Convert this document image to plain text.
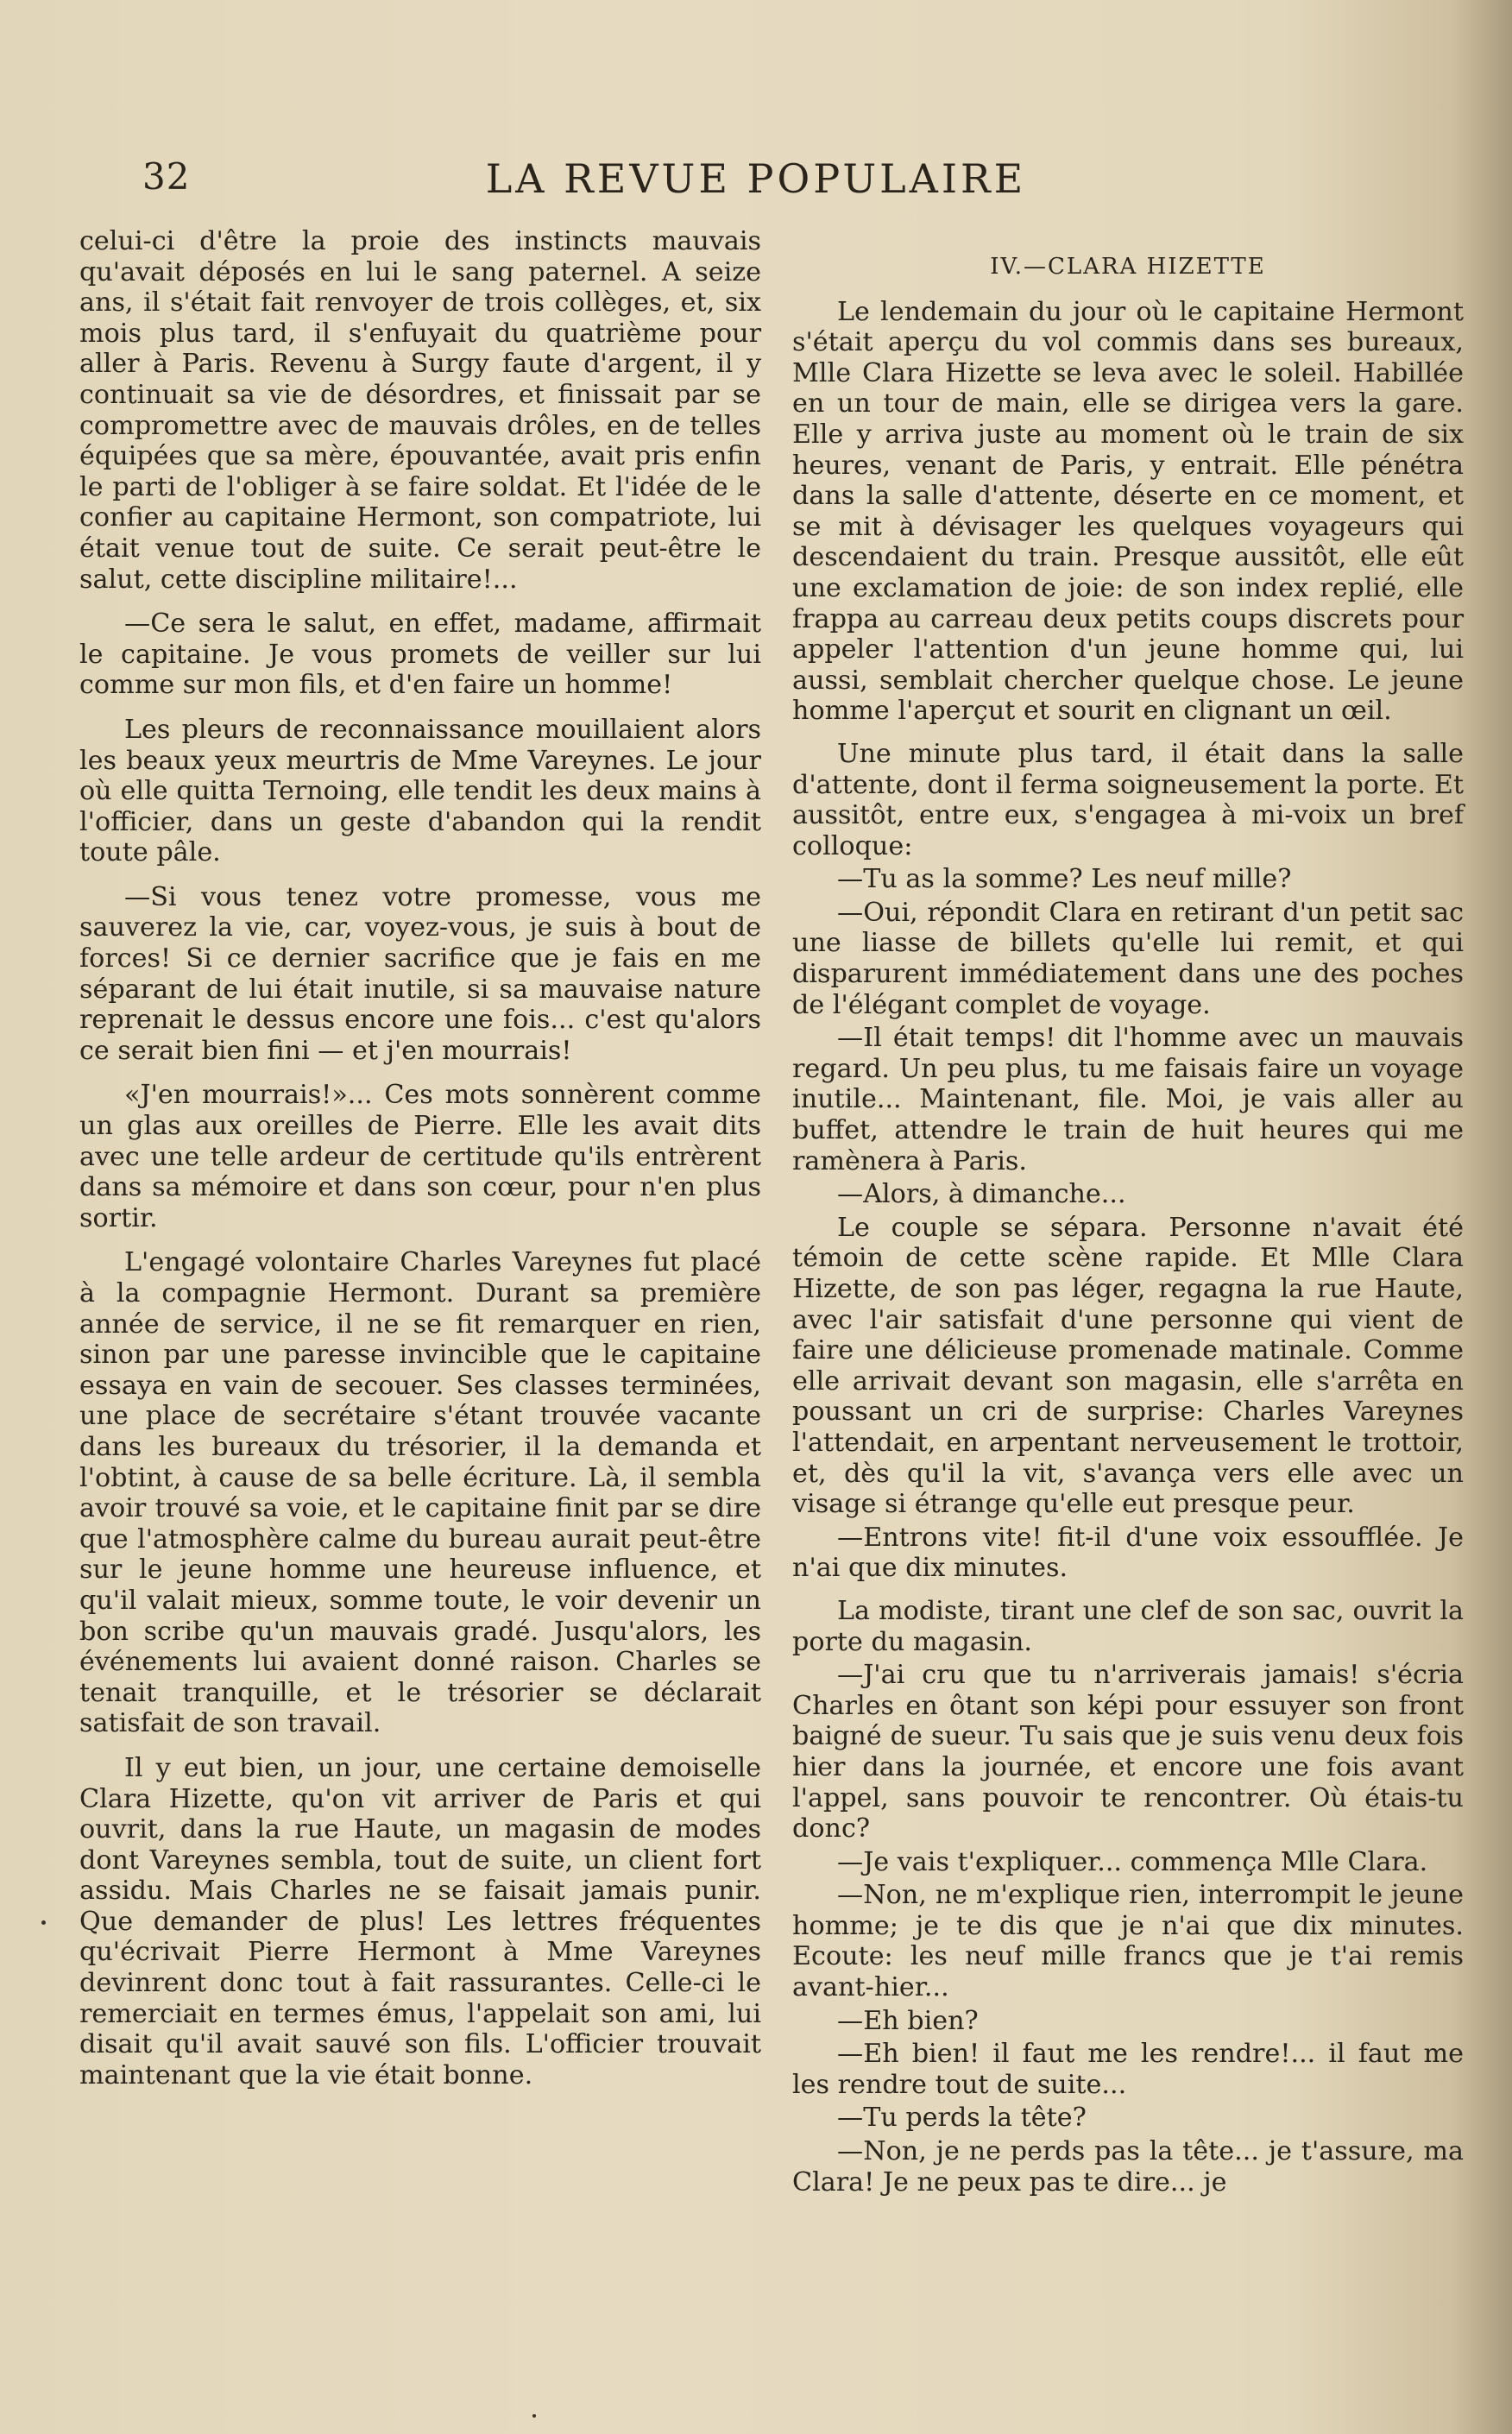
32	LA REVUE POPULAIRE

celui-ci d'être la proie des instincts mauvais qu'avait déposés en lui le sang paternel. A seize ans, il s'était fait renvoyer de trois collèges, et, six mois plus tard, il s'enfuyait du quatrième pour aller à Paris. Revenu à Surgy faute d'argent, il y continuait sa vie de désordres, et finissait par se compromettre avec de mauvais drôles, en de telles équipées que sa mère, épouvantée, avait pris enfin le parti de l'obliger à se faire soldat. Et l'idée de le confier au capitaine Hermont, son compatriote, lui était venue tout de suite. Ce serait peut-être le salut, cette discipline militaire!...

—Ce sera le salut, en effet, madame, affirmait le capitaine. Je vous promets de veiller sur lui comme sur mon fils, et d'en faire un homme!

Les pleurs de reconnaissance mouillaient alors les beaux yeux meurtris de Mme Vareynes. Le jour où elle quitta Ternoing, elle tendit les deux mains à l'officier, dans un geste d'abandon qui la rendit toute pâle.

—Si vous tenez votre promesse, vous me sauverez la vie, car, voyez-vous, je suis à bout de forces! Si ce dernier sacrifice que je fais en me séparant de lui était inutile, si sa mauvaise nature reprenait le dessus encore une fois... c'est qu'alors ce serait bien fini — et j'en mourrais!

«J'en mourrais!»... Ces mots sonnèrent comme un glas aux oreilles de Pierre. Elle les avait dits avec une telle ardeur de certitude qu'ils entrèrent dans sa mémoire et dans son cœur, pour n'en plus sortir.

L'engagé volontaire Charles Vareynes fut placé à la compagnie Hermont. Durant sa première année de service, il ne se fit remarquer en rien, sinon par une paresse invincible que le capitaine essaya en vain de secouer. Ses classes terminées, une place de secrétaire s'étant trouvée vacante dans les bureaux du trésorier, il la demanda et l'obtint, à cause de sa belle écriture. Là, il sembla avoir trouvé sa voie, et le capitaine finit par se dire que l'atmosphère calme du bureau aurait peut-être sur le jeune homme une heureuse influence, et qu'il valait mieux, somme toute, le voir devenir un bon scribe qu'un mauvais gradé. Jusqu'alors, les événements lui avaient donné raison. Charles se tenait tranquille, et le trésorier se déclarait satisfait de son travail.

Il y eut bien, un jour, une certaine demoiselle Clara Hizette, qu'on vit arriver de Paris et qui ouvrit, dans la rue Haute, un magasin de modes dont Vareynes sembla, tout de suite, un client fort assidu. Mais Charles ne se faisait jamais punir. Que demander de plus! Les lettres fréquentes qu'écrivait Pierre Hermont à Mme Vareynes devinrent donc tout à fait rassurantes. Celle-ci le remerciait en termes émus, l'appelait son ami, lui disait qu'il avait sauvé son fils. L'officier trouvait maintenant que la vie était bonne.

IV.—CLARA HIZETTE

Le lendemain du jour où le capitaine Hermont s'était aperçu du vol commis dans ses bureaux, Mlle Clara Hizette se leva avec le soleil. Habillée en un tour de main, elle se dirigea vers la gare. Elle y arriva juste au moment où le train de six heures, venant de Paris, y entrait. Elle pénétra dans la salle d'attente, déserte en ce moment, et se mit à dévisager les quelques voyageurs qui descendaient du train. Presque aussitôt, elle eût une exclamation de joie: de son index replié, elle frappa au carreau deux petits coups discrets pour appeler l'attention d'un jeune homme qui, lui aussi, semblait chercher quelque chose. Le jeune homme l'aperçut et sourit en clignant un œil.

Une minute plus tard, il était dans la salle d'attente, dont il ferma soigneusement la porte. Et aussitôt, entre eux, s'engagea à mi-voix un bref colloque:

—Tu as la somme? Les neuf mille?

—Oui, répondit Clara en retirant d'un petit sac une liasse de billets qu'elle lui remit, et qui disparurent immédiatement dans une des poches de l'élégant complet de voyage.

—Il était temps! dit l'homme avec un mauvais regard. Un peu plus, tu me faisais faire un voyage inutile... Maintenant, file. Moi, je vais aller au buffet, attendre le train de huit heures qui me ramènera à Paris.

—Alors, à dimanche...

Le couple se sépara. Personne n'avait été témoin de cette scène rapide. Et Mlle Clara Hizette, de son pas léger, regagna la rue Haute, avec l'air satisfait d'une personne qui vient de faire une délicieuse promenade matinale. Comme elle arrivait devant son magasin, elle s'arrêta en poussant un cri de surprise: Charles Vareynes l'attendait, en arpentant nerveusement le trottoir, et, dès qu'il la vit, s'avança vers elle avec un visage si étrange qu'elle eut presque peur.

—Entrons vite! fit-il d'une voix essoufflée. Je n'ai que dix minutes.

La modiste, tirant une clef de son sac, ouvrit la porte du magasin.

—J'ai cru que tu n'arriverais jamais! s'écria Charles en ôtant son képi pour essuyer son front baigné de sueur. Tu sais que je suis venu deux fois hier dans la journée, et encore une fois avant l'appel, sans pouvoir te rencontrer. Où étais-tu donc?

—Je vais t'expliquer... commença Mlle Clara.

—Non, ne m'explique rien, interrompit le jeune homme; je te dis que je n'ai que dix minutes. Ecoute: les neuf mille francs que je t'ai remis avant-hier...

—Eh bien?

—Eh bien! il faut me les rendre!... il faut me les rendre tout de suite...

—Tu perds la tête?

—Non, je ne perds pas la tête... je t'assure, ma Clara! Je ne peux pas te dire... je
